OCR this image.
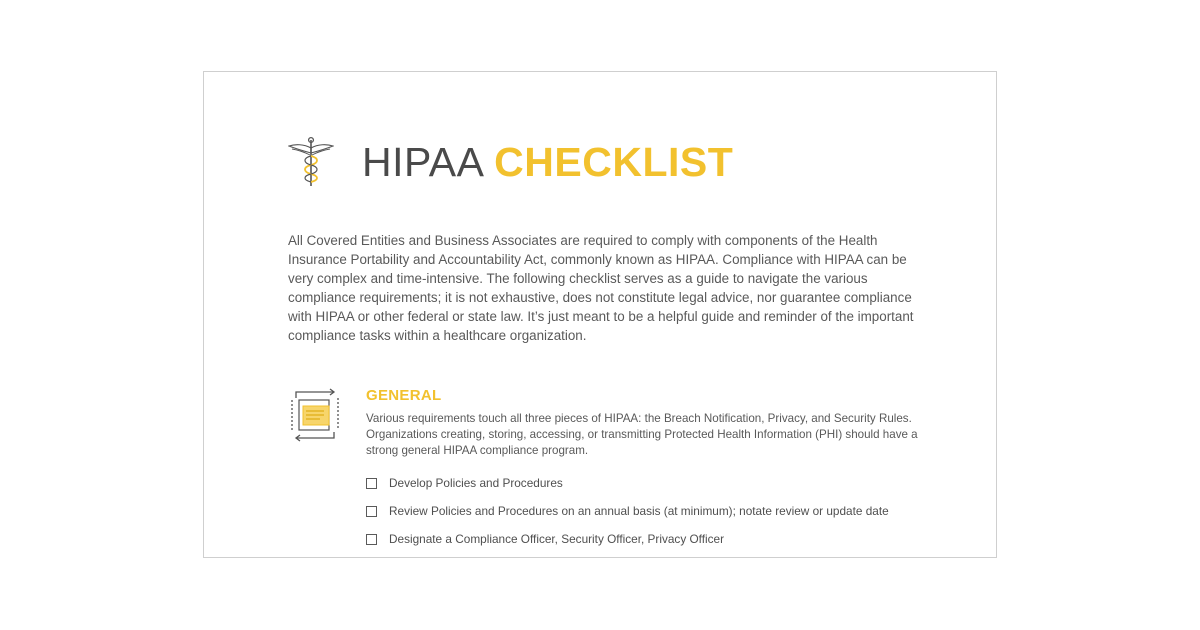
HIPAA CHECKLIST

All Covered Entities and Business Associates are required to comply with components of the Health Insurance Portability and Accountability Act, commonly known as HIPAA. Compliance with HIPAA can be very complex and time-intensive. The following checklist serves as a guide to navigate the various compliance requirements; it is not exhaustive, does not constitute legal advice, nor guarantee compliance with HIPAA or other federal or state law. It’s just meant to be a helpful guide and reminder of the important compliance tasks within a healthcare organization.

GENERAL

Various requirements touch all three pieces of HIPAA: the Breach Notification, Privacy, and Security Rules. Organizations creating, storing, accessing, or transmitting Protected Health Information (PHI) should have a strong general HIPAA compliance program.

Develop Policies and Procedures
Review Policies and Procedures on an annual basis (at minimum); notate review or update date
Designate a Compliance Officer, Security Officer, Privacy Officer
